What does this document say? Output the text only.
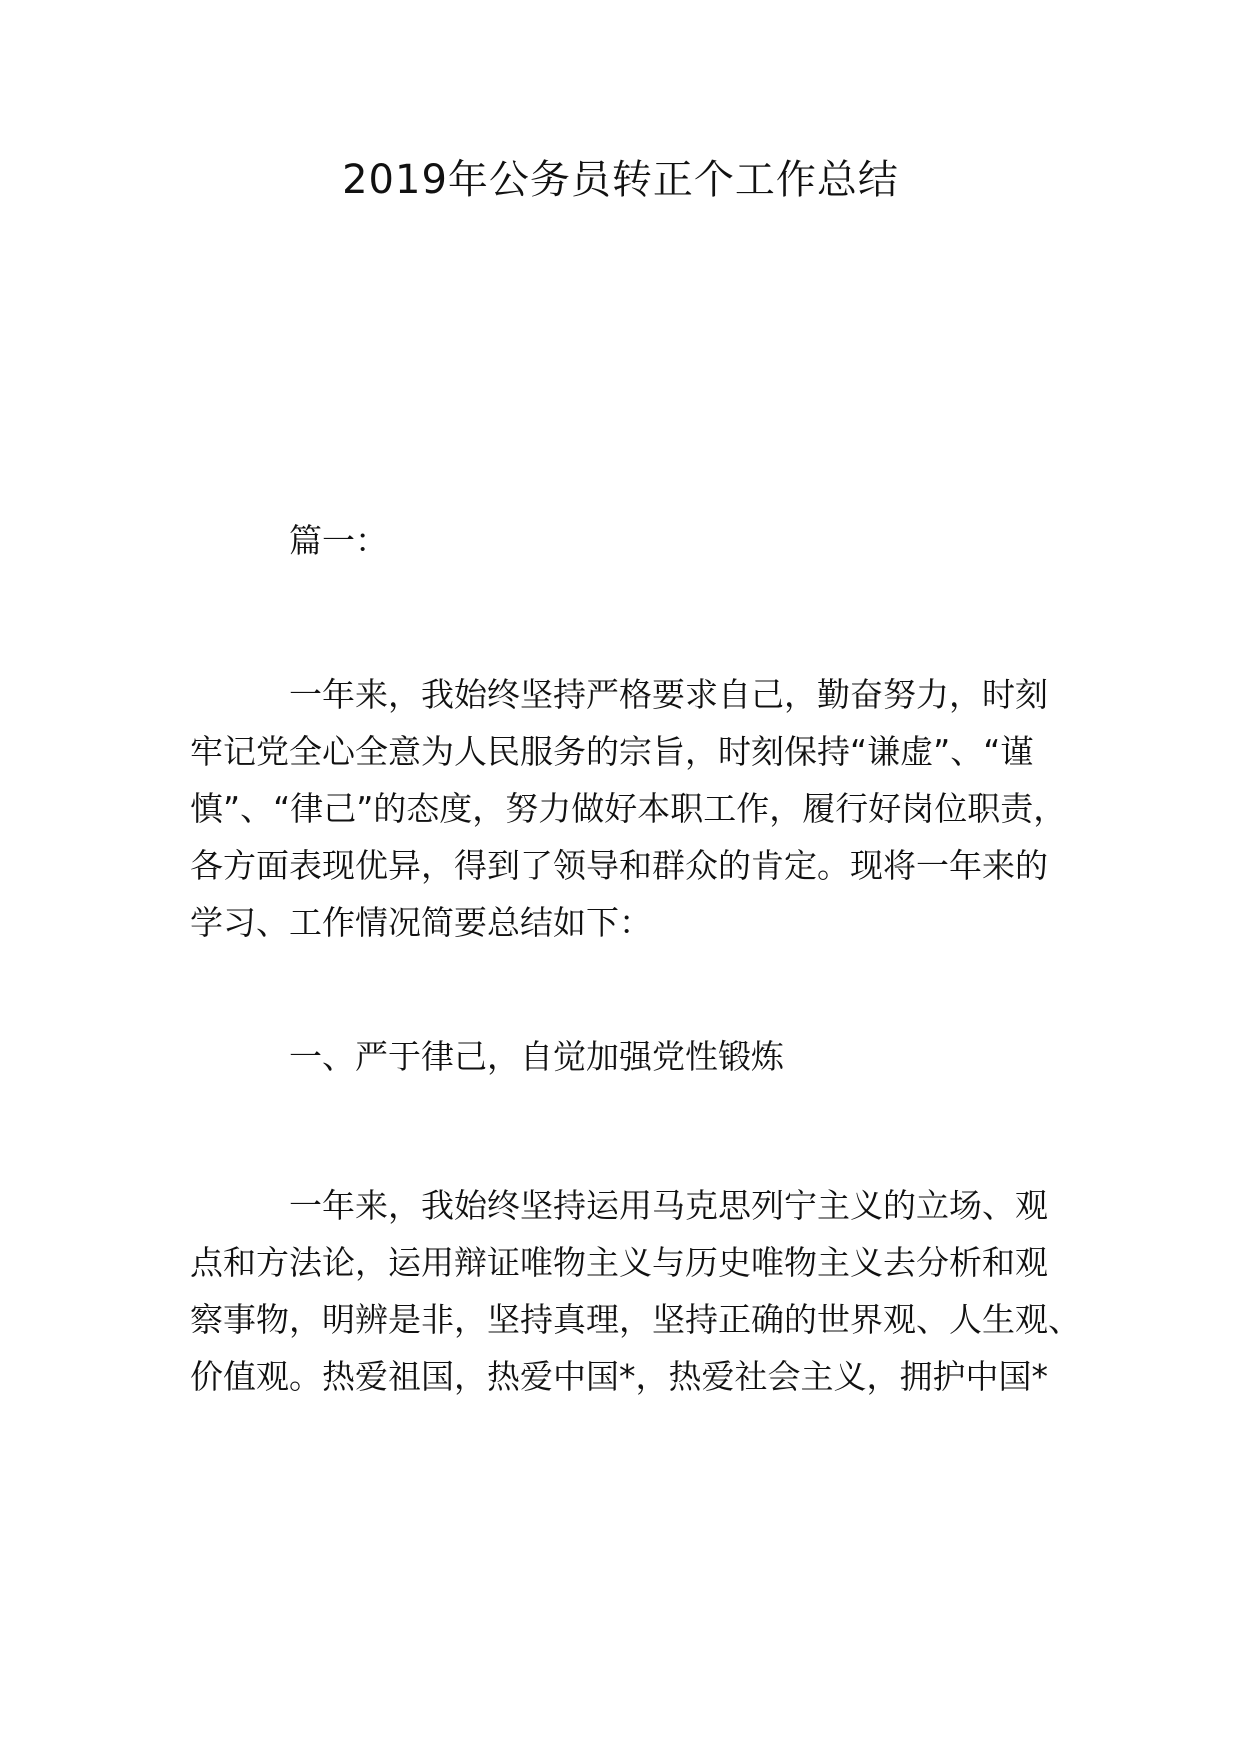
2019年公务员转正个工作总结
篇一：
一年来，我始终坚持严格要求自己，勤奋努力，时刻
牢记党全心全意为人民服务的宗旨，时刻保持“谦虚”、“谨
慎”、“律己”的态度，努力做好本职工作，履行好岗位职责，
各方面表现优异，得到了领导和群众的肯定。现将一年来的
学习、工作情况简要总结如下：
一、严于律己，自觉加强党性锻炼
一年来，我始终坚持运用马克思列宁主义的立场、观
点和方法论，运用辩证唯物主义与历史唯物主义去分析和观
察事物，明辨是非，坚持真理，坚持正确的世界观、人生观、
价值观。热爱祖国，热爱中国*，热爱社会主义，拥护中国*
